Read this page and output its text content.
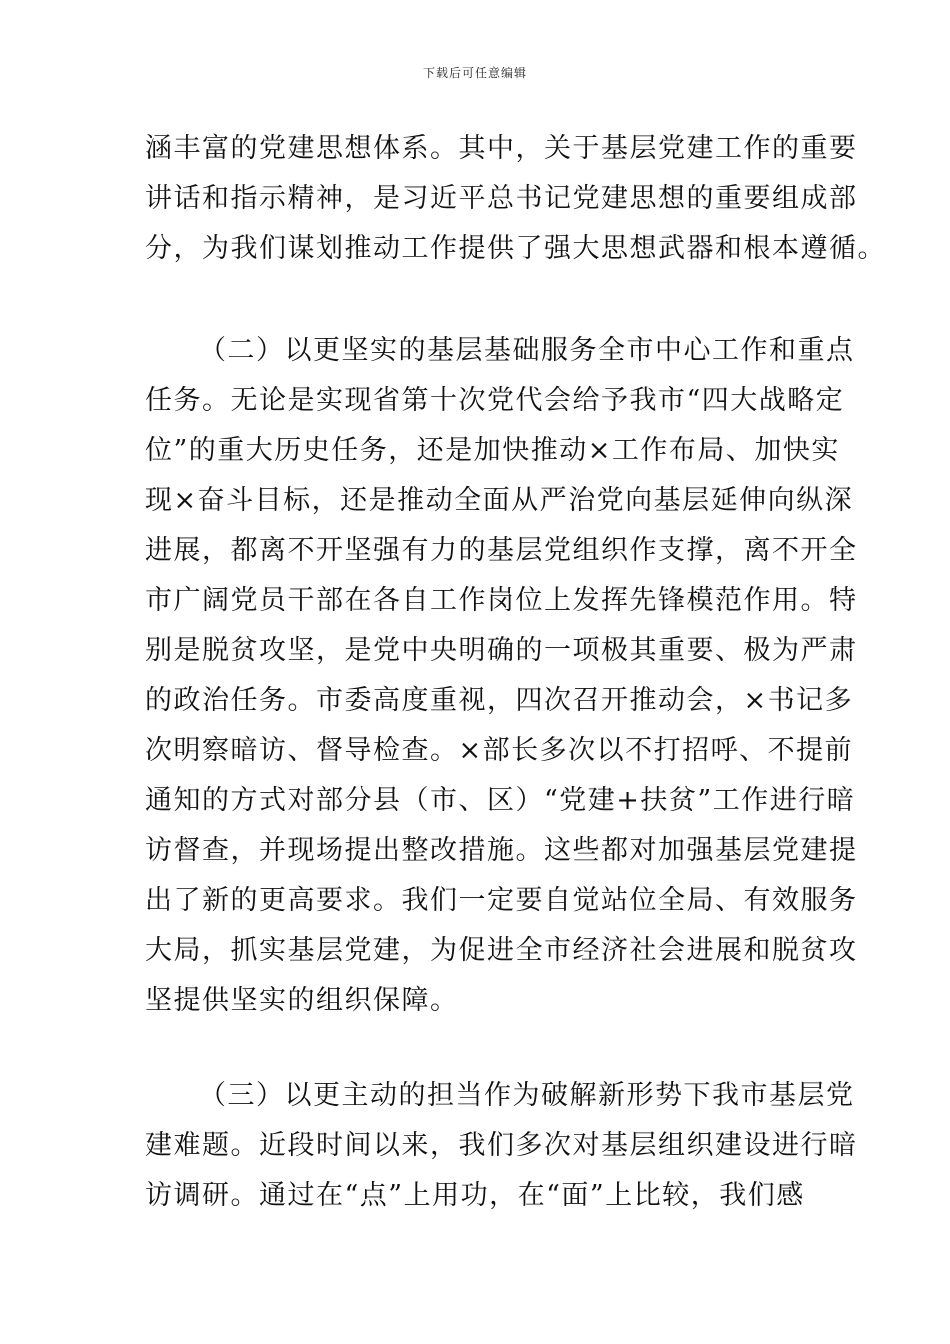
下载后可任意编辑
涵丰富的党建思想体系。其中，关于基层党建工作的重要
讲话和指示精神，是习近平总书记党建思想的重要组成部
分，为我们谋划推动工作提供了强大思想武器和根本遵循。
（二）以更坚实的基层基础服务全市中心工作和重点
任务。无论是实现省第十次党代会给予我市“四大战略定
位”的重大历史任务，还是加快推动×工作布局、加快实
现×奋斗目标，还是推动全面从严治党向基层延伸向纵深
进展，都离不开坚强有力的基层党组织作支撑，离不开全
市广阔党员干部在各自工作岗位上发挥先锋模范作用。特
别是脱贫攻坚，是党中央明确的一项极其重要、极为严肃
的政治任务。市委高度重视，四次召开推动会，×书记多
次明察暗访、督导检查。×部长多次以不打招呼、不提前
通知的方式对部分县（市、区）“党建+扶贫”工作进行暗
访督查，并现场提出整改措施。这些都对加强基层党建提
出了新的更高要求。我们一定要自觉站位全局、有效服务
大局，抓实基层党建，为促进全市经济社会进展和脱贫攻
坚提供坚实的组织保障。
（三）以更主动的担当作为破解新形势下我市基层党
建难题。近段时间以来，我们多次对基层组织建设进行暗
访调研。通过在“点”上用功，在“面”上比较，我们感
